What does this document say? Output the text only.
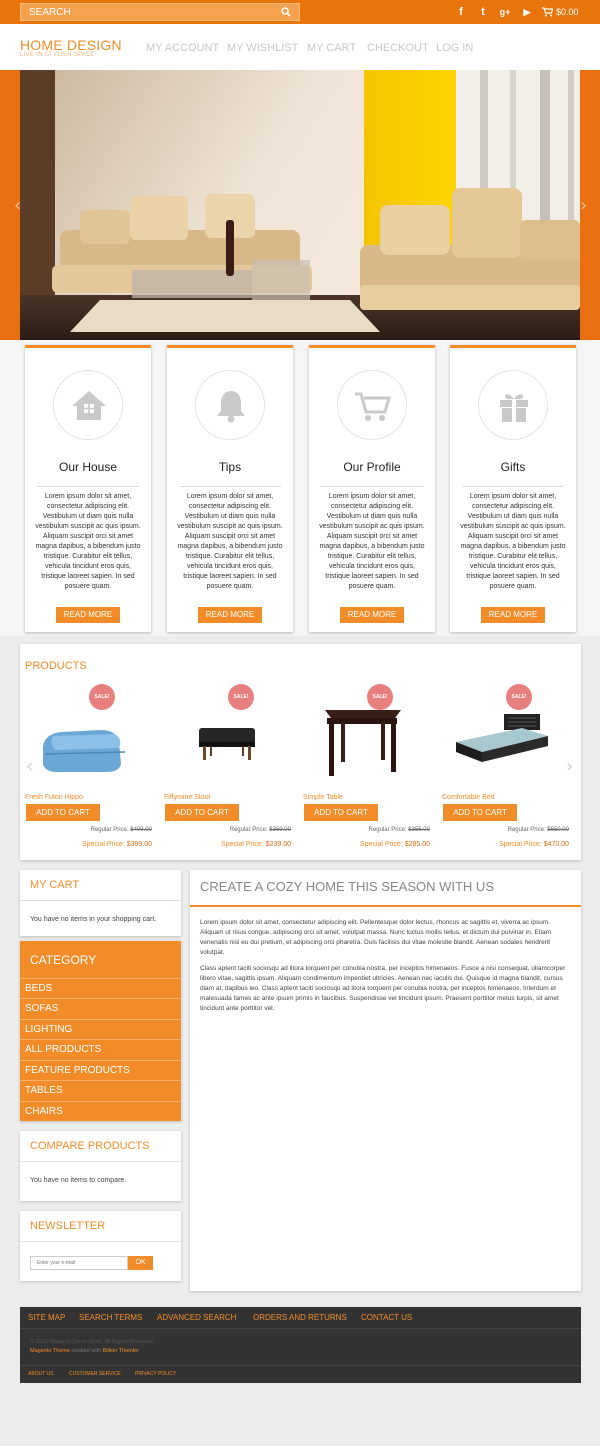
SEARCH
f	t	g+	▶	$0.00
HOME DESIGN
LIVE IN STYLISH SPACE
MY ACCOUNT MY WISHLIST MY CART CHECKOUT LOG IN
‹	›
Our House

Lorem ipsum dolor sit amet, consectetur adipiscing elit. Vestibulum ut diam quis nulla vestibulum suscipit ac quis ipsum. Aliquam suscipit orci sit amet magna dapibus, a bibendum justo tristique. Curabitur elit tellus, vehicula tincidunt eros quis, tristique laoreet sapien. In sed posuere quam.

READ MORE
Tips

Lorem ipsum dolor sit amet, consectetur adipiscing elit. Vestibulum ut diam quis nulla vestibulum suscipit ac quis ipsum. Aliquam suscipit orci sit amet magna dapibus, a bibendum justo tristique. Curabitur elit tellus, vehicula tincidunt eros quis, tristique laoreet sapien. In sed posuere quam.

READ MORE
Our Profile

Lorem ipsum dolor sit amet, consectetur adipiscing elit. Vestibulum ut diam quis nulla vestibulum suscipit ac quis ipsum. Aliquam suscipit orci sit amet magna dapibus, a bibendum justo tristique. Curabitur elit tellus, vehicula tincidunt eros quis, tristique laoreet sapien. In sed posuere quam.

READ MORE
Gifts

Lorem ipsum dolor sit amet, consectetur adipiscing elit. Vestibulum ut diam quis nulla vestibulum suscipit ac quis ipsum. Aliquam suscipit orci sit amet magna dapibus, a bibendum justo tristique. Curabitur elit tellus, vehicula tincidunt eros quis, tristique laoreet sapien. In sed posuere quam.

READ MORE
PRODUCTS
‹	›
SALE!
Fresh Futon Hippo
ADD TO CART
Regular Price: $409.00
Special Price: $399.00
SALE!
Fiffymine Stool
ADD TO CART
Regular Price: $359.00
Special Price: $239.00
SALE!
Simple Table
ADD TO CART
Regular Price: $355.00
Special Price: $285.00
SALE!
Comfortable Bed
ADD TO CART
Regular Price: $650.00
Special Price: $470.00
MY CART
You have no items in your shopping cart.
CATEGORY
BEDS
SOFAS
LIGHTING
ALL PRODUCTS
FEATURE PRODUCTS
TABLES
CHAIRS
COMPARE PRODUCTS
You have no items to compare.
NEWSLETTER
Enter your e-mail
OK
CREATE A COZY HOME THIS SEASON WITH US
Lorem ipsum dolor sit amet, consectetur adipiscing elit. Pellentesque dolor lectus, rhoncus ac sagittis et, viverra ac ipsum. Aliquam ut risus congue, adipiscing orci sit amet, volutpat massa. Nunc luctus mollis tellus, et dictum dui pulvinar in. Etiam venenatis nisi eu dui pretium, et adipiscing orci pharetra. Duis facilisis dui vitae molestie blandit. Aenean sodales hendrerit volutpat.
Class aptent taciti sociosqu ad litora torquent per conubia nostra, per inceptos himenaeos. Fusce a nisi consequat, ullamcorper libero vitae, sagittis ipsum. Aliquam condimentum imperdiet ultricies. Aenean nec iaculis dui. Quisque id magna blandit, cursus diam at, dapibus leo. Class aptent taciti sociosqu ad litora torquent per conubia nostra, per inceptos himenaeos. Interdum et malesuada fames ac ante ipsum primis in faucibus. Suspendisse vel tincidunt ipsum. Praesent porttitor metus turpis, sit amet tincidunt ante porttitor vel.
SITE MAP SEARCH TERMS ADVANCED SEARCH ORDERS AND RETURNS CONTACT US
© 2013 Magento Demo Store. All Rights Reserved.
Magento Theme created with Billion Themler
ABOUT US	CUSTOMER SERVICE	PRIVACY POLICY
